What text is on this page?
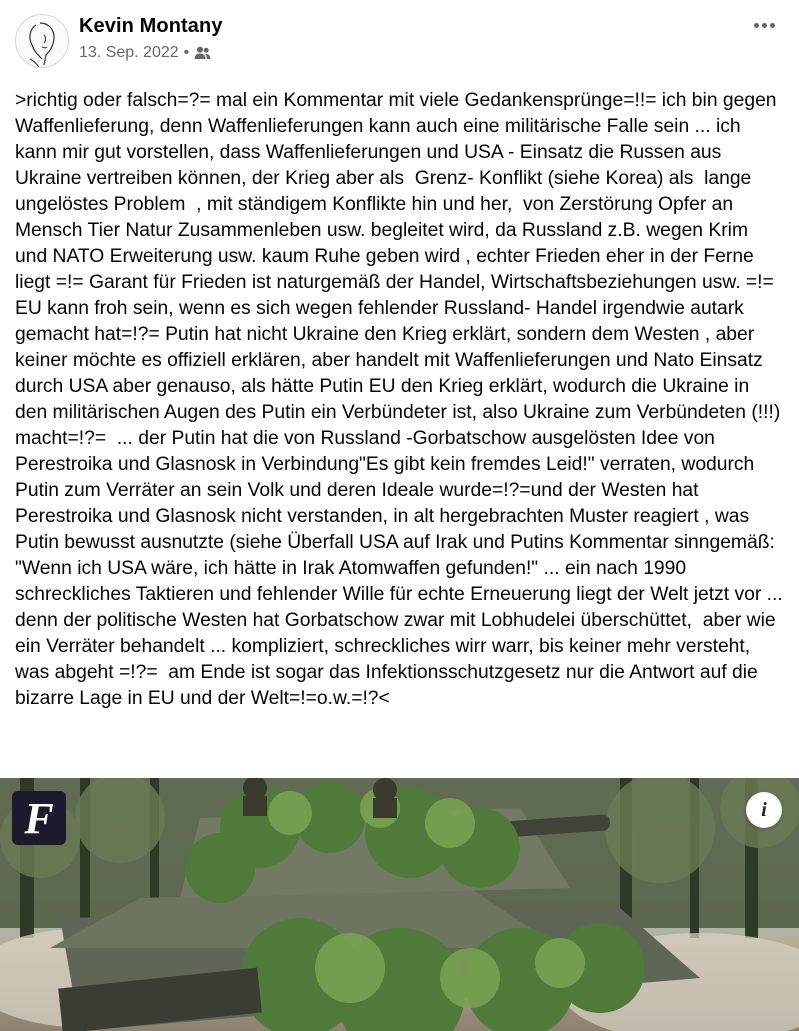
Kevin Montany
13. Sep. 2022 •
>richtig oder falsch=?= mal ein Kommentar mit viele Gedankensprünge=!!= ich bin gegen Waffenlieferung, denn Waffenlieferungen kann auch eine militärische Falle sein ... ich kann mir gut vorstellen, dass Waffenlieferungen und USA - Einsatz die Russen aus Ukraine vertreiben können, der Krieg aber als  Grenz- Konflikt (siehe Korea) als  lange ungelöstes Problem  , mit ständigem Konflikte hin und her,  von Zerstörung Opfer an Mensch Tier Natur Zusammenleben usw. begleitet wird, da Russland z.B. wegen Krim und NATO Erweiterung usw. kaum Ruhe geben wird , echter Frieden eher in der Ferne liegt =!= Garant für Frieden ist naturgemäß der Handel, Wirtschaftsbeziehungen usw. =!=  EU kann froh sein, wenn es sich wegen fehlender Russland- Handel irgendwie autark gemacht hat=!?= Putin hat nicht Ukraine den Krieg erklärt, sondern dem Westen , aber keiner möchte es offiziell erklären, aber handelt mit Waffenlieferungen und Nato Einsatz durch USA aber genauso, als hätte Putin EU den Krieg erklärt, wodurch die Ukraine in den militärischen Augen des Putin ein Verbündeter ist, also Ukraine zum Verbündeten (!!!) macht=!?=  ... der Putin hat die von Russland -Gorbatschow ausgelösten Idee von Perestroika und Glasnosk in Verbindung"Es gibt kein fremdes Leid!" verraten, wodurch Putin zum Verräter an sein Volk und deren Ideale wurde=!?=und der Westen hat Perestroika und Glasnosk nicht verstanden, in alt hergebrachten Muster reagiert , was Putin bewusst ausnutzte (siehe Überfall USA auf Irak und Putins Kommentar sinngemäß: "Wenn ich USA wäre, ich hätte in Irak Atomwaffen gefunden!" ... ein nach 1990 schreckliches Taktieren und fehlender Wille für echte Erneuerung liegt der Welt jetzt vor ... denn der politische Westen hat Gorbatschow zwar mit Lobhudelei überschüttet,  aber wie ein Verräter behandelt ... kompliziert, schreckliches wirr warr, bis keiner mehr versteht, was abgeht =!?=  am Ende ist sogar das Infektionsschutzgesetz nur die Antwort auf die bizarre Lage in EU und der Welt=!=o.w.=!?<
F	i
